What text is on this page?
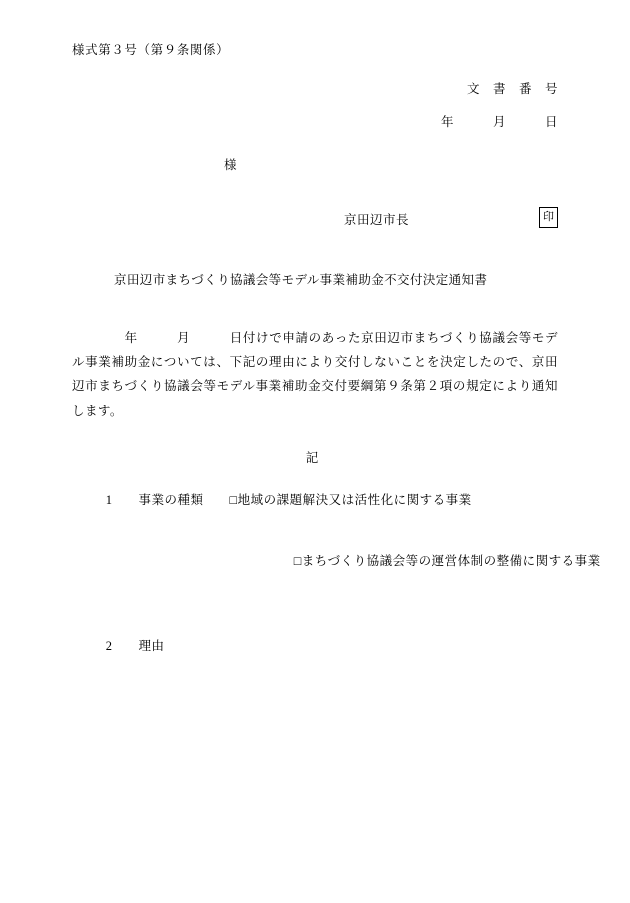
様式第３号（第９条関係）
文　書　番　号
年　　　月　　　日
様
京田辺市長	印
京田辺市まちづくり協議会等モデル事業補助金不交付決定通知書
　　　　年　　　月　　　日付けで申請のあった京田辺市まちづくり協議会等モデル事業補助金については、下記の理由により交付しないことを決定したので、京田辺市まちづくり協議会等モデル事業補助金交付要綱第９条第２項の規定により通知します。
記

1　　 事業の種類　　 □地域の課題解決又は活性化に関する事業

□まちづくり協議会等の運営体制の整備に関する事業

2　　 理由
